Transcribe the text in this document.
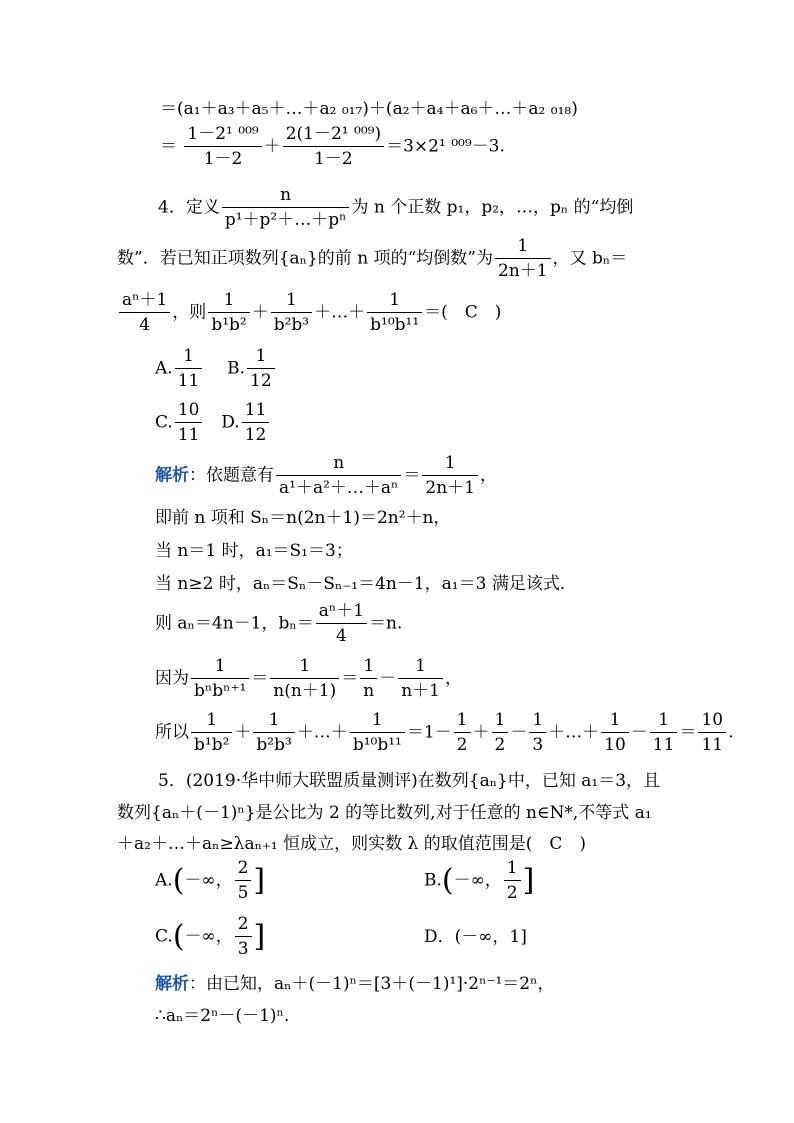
＝(a₁＋a₃＋a₅＋…＋a₂ ₀₁₇)＋(a₂＋a₄＋a₆＋…＋a₂ ₀₁₈)
＝ $\frac{\text{1－2¹ ⁰⁰⁹}}{1-2} + \frac{\text{2(1－2¹ ⁰⁰⁹)}}{1-2} =3\times 2^1$ ⁰⁰⁹－3.
4．定义 $\frac{n}{\text{p¹＋p²＋…＋pⁿ}}$ 为 n 个正数 p₁，p₂，…，pₙ 的“均倒
数”．若已知正项数列{aₙ}的前 n 项的“均倒数”为 $\frac{1}{2n+1}$ ，又 bₙ＝
$\frac{\text{aⁿ＋1}}{4}$ ，则 $\frac{1}{\text{b¹b²}} + \frac{1}{\text{b²b³}}$ ＋…＋ $\frac{1}{\text{b¹⁰b¹¹}}$ ＝(　C　)
A. $\frac{1}{11} B$. $\frac{1}{12}$
C. $\frac{10}{11} D$. $\frac{11}{12}$
解析：依题意有 $\frac{n}{\text{a¹＋a²＋…＋aⁿ}} = \frac{1}{2n+1}$ ，
即前 n 项和 Sₙ＝n(2n＋1)＝2n²＋n，
当 n＝1 时，a₁＝S₁＝3；
当 n≥2 时，aₙ＝Sₙ－Sₙ₋₁＝4n－1，a₁＝3 满足该式．
则 aₙ＝4n－1，$b_n= \frac{\text{aⁿ＋1}}{4} =n$.
因为 $\frac{1}{\text{bⁿbⁿ⁺¹}} = \frac{1}{n(n+1)} = \frac{1}{n} - \frac{1}{n+1}$ ，
所以 $\frac{1}{\text{b¹b²}} + \frac{1}{\text{b²b³}}$ ＋…＋ $\frac{1}{\text{b¹⁰b¹¹}} =1- \frac{1}{2} + \frac{1}{2} - \frac{1}{3}$ ＋…＋ $\frac{1}{10} - \frac{1}{11} = \frac{10}{11}$ .
5．(2019·华中师大联盟质量测评)在数列{aₙ}中，已知 a₁＝3，且
数列{aₙ＋(－1)ⁿ}是公比为 2 的等比数列,对于任意的 n∈N*,不等式 a₁
＋a₂＋…＋aₙ≥λaₙ₊₁ 恒成立，则实数 λ 的取值范围是(　C　)
A.(－∞， $\frac{2}{5}$ ]	B.(－∞， $\frac{1}{2}$ ]
C.(－∞， $\frac{2}{3}$ ]	D．(－∞，1]
解析：由已知，aₙ＋(－1)ⁿ＝[3＋(－1)¹]·2ⁿ⁻¹＝2ⁿ，
∴aₙ＝2ⁿ－(－1)ⁿ.
